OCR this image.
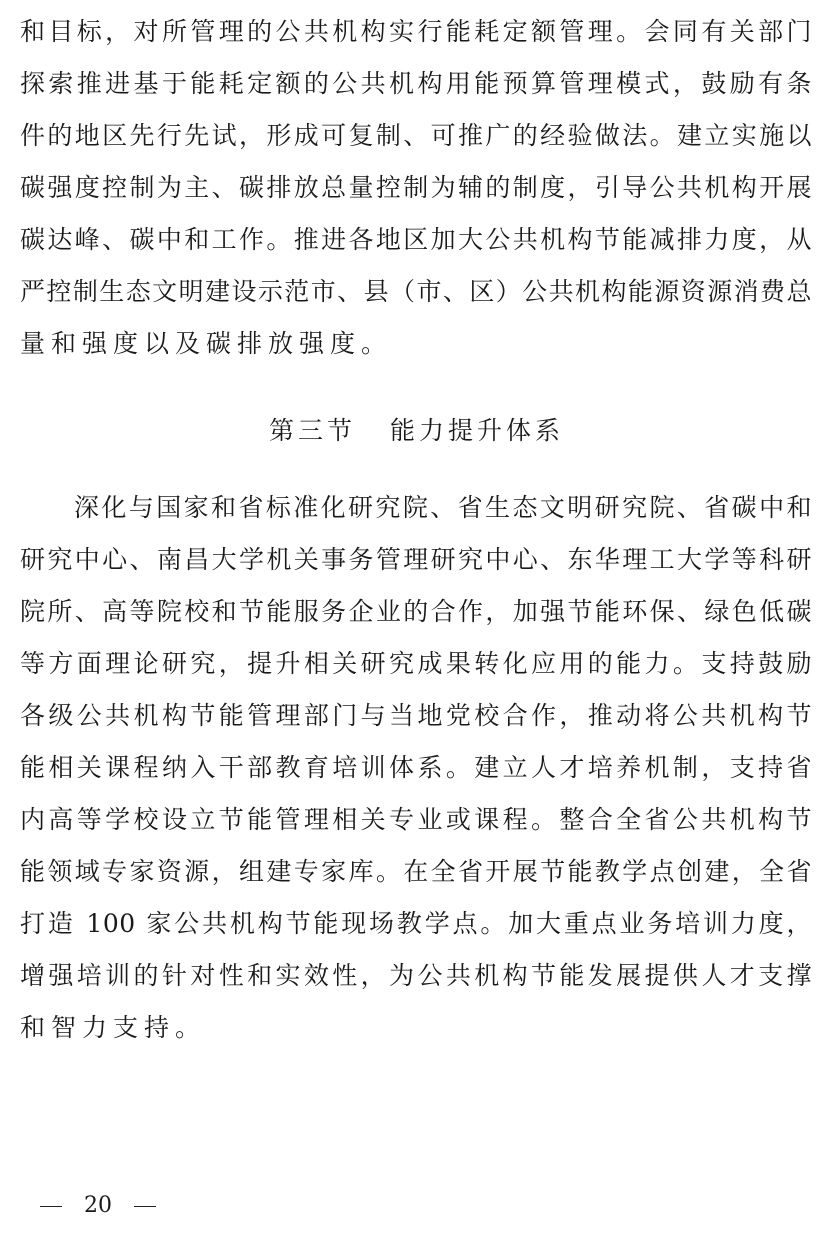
和目标，对所管理的公共机构实行能耗定额管理。会同有关部门
探索推进基于能耗定额的公共机构用能预算管理模式，鼓励有条
件的地区先行先试，形成可复制、可推广的经验做法。建立实施以
碳强度控制为主、碳排放总量控制为辅的制度，引导公共机构开展
碳达峰、碳中和工作。推进各地区加大公共机构节能减排力度，从
严控制生态文明建设示范市、县（市、区）公共机构能源资源消费总
量和强度以及碳排放强度。
第三节 能力提升体系
深化与国家和省标准化研究院、省生态文明研究院、省碳中和
研究中心、南昌大学机关事务管理研究中心、东华理工大学等科研
院所、高等院校和节能服务企业的合作，加强节能环保、绿色低碳
等方面理论研究，提升相关研究成果转化应用的能力。支持鼓励
各级公共机构节能管理部门与当地党校合作，推动将公共机构节
能相关课程纳入干部教育培训体系。建立人才培养机制，支持省
内高等学校设立节能管理相关专业或课程。整合全省公共机构节
能领域专家资源，组建专家库。在全省开展节能教学点创建，全省
打造 100 家公共机构节能现场教学点。加大重点业务培训力度，
增强培训的针对性和实效性，为公共机构节能发展提供人才支撑
和智力支持。
20
